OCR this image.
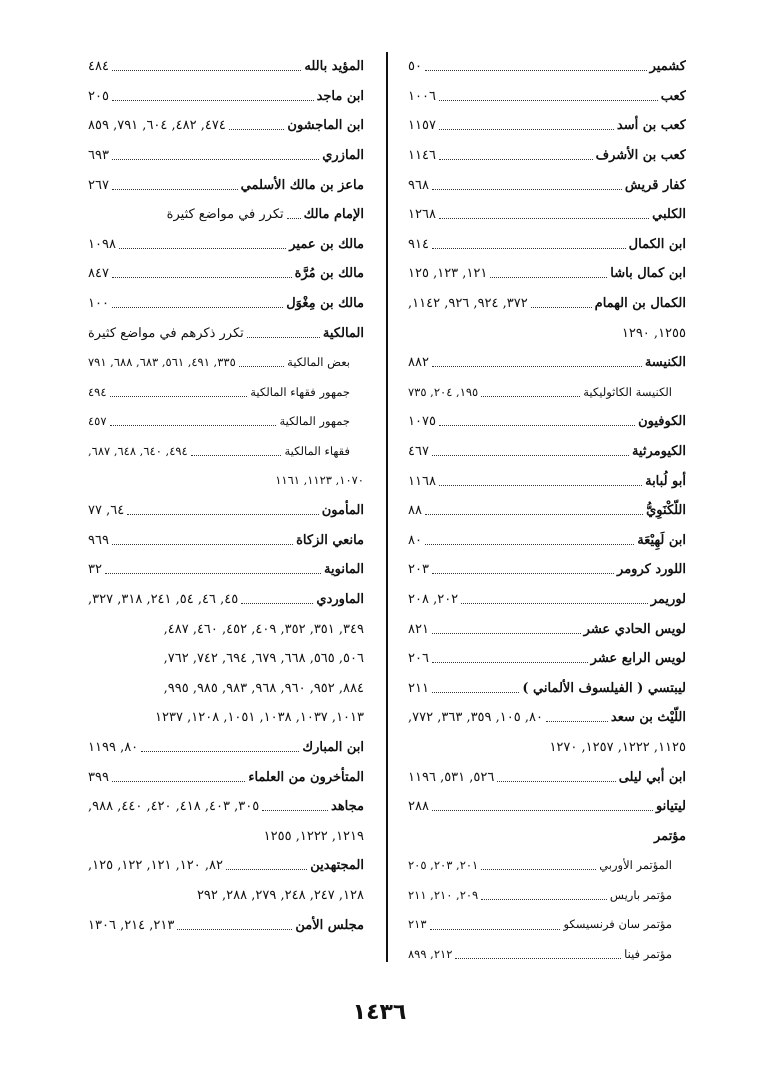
كشمير
٥٠
كعب
١٠٠٦
كعب بن أسد
١١٥٧
كعب بن الأشرف
١١٤٦
كفار قريش
٩٦٨
الكلبي
١٢٦٨
ابن الكمال
٩١٤
ابن كمال باشا
١٢١, ١٢٣, ١٢٥
الكمال بن الهمام
٣٧٢, ٩٢٤, ٩٢٦, ١١٤٢,
١٢٥٥, ١٢٩٠
الكنيسة
٨٨٢
الكنيسة الكاثوليكية
١٩٥, ٢٠٤, ٧٣٥
الكوفيون
١٠٧٥
الكيومرثية
٤٦٧
أبو لُبابة
١١٦٨
اللّكْنَوِيُّ
٨٨
ابن لَهِيْعَة
٨٠
اللورد كرومر
٢٠٣
لوريمر
٢٠٢, ٢٠٨
لويس الحادي عشر
٨٢١
لويس الرابع عشر
٢٠٦
ليبتسي ( الفيلسوف الألماني )
٢١١
اللّيْث بن سعد
٨٠, ١٠٥, ٣٥٩, ٣٦٣, ٧٧٢,
١١٢٥, ١٢٢٢, ١٢٥٧, ١٢٧٠
ابن أبي ليلى
٥٢٦, ٥٣١, ١١٩٦
ليتيانو
٢٨٨
مؤتمر
المؤتمر الأوربي
٢٠١, ٢٠٣, ٢٠٥
مؤتمر باريس
٢٠٩, ٢١٠, ٢١١
مؤتمر سان فرنسيسكو
٢١٣
مؤتمر فينا
٢١٢, ٨٩٩
المؤيد بالله
٤٨٤
ابن ماجد
٢٠٥
ابن الماجشون
٤٧٤, ٤٨٢, ٦٠٤, ٧٩١, ٨٥٩
المازري
٦٩٣
ماعز بن مالك الأسلمي
٢٦٧
الإمام مالك
تكرر في مواضع كثيرة
مالك بن عمير
١٠٩٨
مالك بن مُرَّة
٨٤٧
مالك بن مِغْوَل
١٠٠
المالكية
تكرر ذكرهم في مواضع كثيرة
بعض المالكية
٣٣٥, ٤٩١, ٥٦١, ٦٨٣, ٦٨٨, ٧٩١
جمهور فقهاء المالكية
٤٩٤
جمهور المالكية
٤٥٧
فقهاء المالكية
٤٩٤, ٦٤٠, ٦٤٨, ٦٨٧,
١٠٧٠, ١١٢٣, ١١٦١
المأمون
٦٤, ٧٧
مانعي الزكاة
٩٦٩
المانوية
٣٢
الماوردي
٤٥, ٤٦, ٥٤, ٢٤١, ٣١٨, ٣٢٧,
٣٤٩, ٣٥١, ٣٥٢, ٤٠٩, ٤٥٢, ٤٦٠, ٤٨٧,
٥٠٦, ٥٦٥, ٦٦٨, ٦٧٩, ٦٩٤, ٧٤٢, ٧٦٢,
٨٨٤, ٩٥٢, ٩٦٠, ٩٦٨, ٩٨٣, ٩٨٥, ٩٩٥,
١٠١٣, ١٠٣٧, ١٠٣٨, ١٠٥١, ١٢٠٨, ١٢٣٧
ابن المبارك
٨٠, ١١٩٩
المتأخرون من العلماء
٣٩٩
مجاهد
٣٠٥, ٤٠٣, ٤١٨, ٤٢٠, ٤٤٠, ٩٨٨,
١٢١٩, ١٢٢٢, ١٢٥٥
المجتهدين
٨٢, ١٢٠, ١٢١, ١٢٢, ١٢٥,
١٢٨, ٢٤٧, ٢٤٨, ٢٧٩, ٢٨٨, ٢٩٢
مجلس الأمن
٢١٣, ٢١٤, ١٣٠٦
١٤٣٦
